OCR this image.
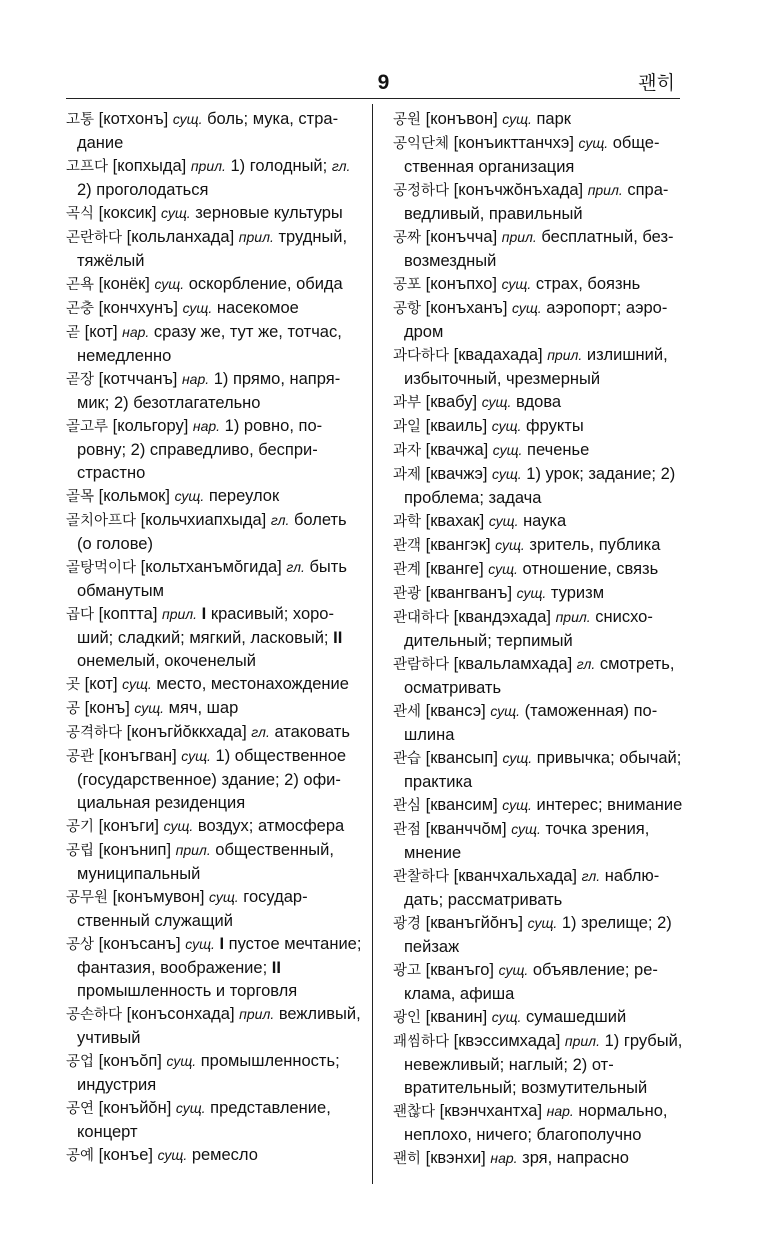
9	괜히

고통 [котхонъ] сущ. боль; мука, страдание

고프다 [копхыда] прил. 1) голодный; гл. 2) проголодаться

곡식 [коксик] сущ. зерновые культуры

곤란하다 [кольланхада] прил. трудный, тяжёлый

곤욕 [конёк] сущ. оскорбление, обида

곤충 [кончхунъ] сущ. насекомое

곧 [кот] нар. сразу же, тут же, тотчас, немедленно

곧장 [котччанъ] нар. 1) прямо, напрямик; 2) безотлагательно

골고루 [кольгору] нар. 1) ровно, поровну; 2) справедливо, беспристрастно

골목 [кольмок] сущ. переулок

골치아프다 [кольчхиапхыда] гл. болеть (о голове)

골탕먹이다 [кольтханъмŏгида] гл. быть обманутым

곱다 [коптта] прил. I красивый; хороший; сладкий; мягкий, ласковый; II онемелый, окоченелый

곳 [кот] сущ. место, местонахождение

공 [конъ] сущ. мяч, шар

공격하다 [конъгйŏккхада] гл. атаковать

공관 [конъгван] сущ. 1) общественное (государственное) здание; 2) официальная резиденция

공기 [конъги] сущ. воздух; атмосфера

공립 [конънип] прил. общественный, муниципальный

공무원 [конъмувон] сущ. государственный служащий

공상 [конъсанъ] сущ. I пустое мечтание; фантазия, воображение; II промышленность и торговля

공손하다 [конъсонхада] прил. вежливый, учтивый

공업 [конъŏп] сущ. промышленность; индустрия

공연 [конъйŏн] сущ. представление, концерт

공예 [конъе] сущ. ремесло

공원 [конъвон] сущ. парк

공익단체 [конъикттанчхэ] сущ. общественная организация

공정하다 [конъчжŏнъхада] прил. справедливый, правильный

공짜 [конъчча] прил. бесплатный, безвозмездный

공포 [конъпхо] сущ. страх, боязнь

공항 [конъханъ] сущ. аэропорт; аэродром

과다하다 [квадахада] прил. излишний, избыточный, чрезмерный

과부 [квабу] сущ. вдова

과일 [кваиль] сущ. фрукты

과자 [квачжа] сущ. печенье

과제 [квачжэ] сущ. 1) урок; задание; 2) проблема; задача

과학 [квахак] сущ. наука

관객 [квангэк] сущ. зритель, публика

관계 [кванге] сущ. отношение, связь

관광 [квангванъ] сущ. туризм

관대하다 [квандэхада] прил. снисходительный; терпимый

관람하다 [квальламхада] гл. смотреть, осматривать

관세 [квансэ] сущ. (таможенная) пошлина

관습 [квансып] сущ. привычка; обычай; практика

관심 [квансим] сущ. интерес; внимание

관점 [кванччŏм] сущ. точка зрения, мнение

관찰하다 [кванчхальхада] гл. наблюдать; рассматривать

광경 [кванъгйŏнъ] сущ. 1) зрелище; 2) пейзаж

광고 [кванъго] сущ. объявление; реклама, афиша

광인 [кванин] сущ. сумашедший

괘씸하다 [квэссимхада] прил. 1) грубый, невежливый; наглый; 2) отвратительный; возмутительный

괜찮다 [квэнчхантха] нар. нормально, неплохо, ничего; благополучно

괜히 [квэнхи] нар. зря, напрасно
